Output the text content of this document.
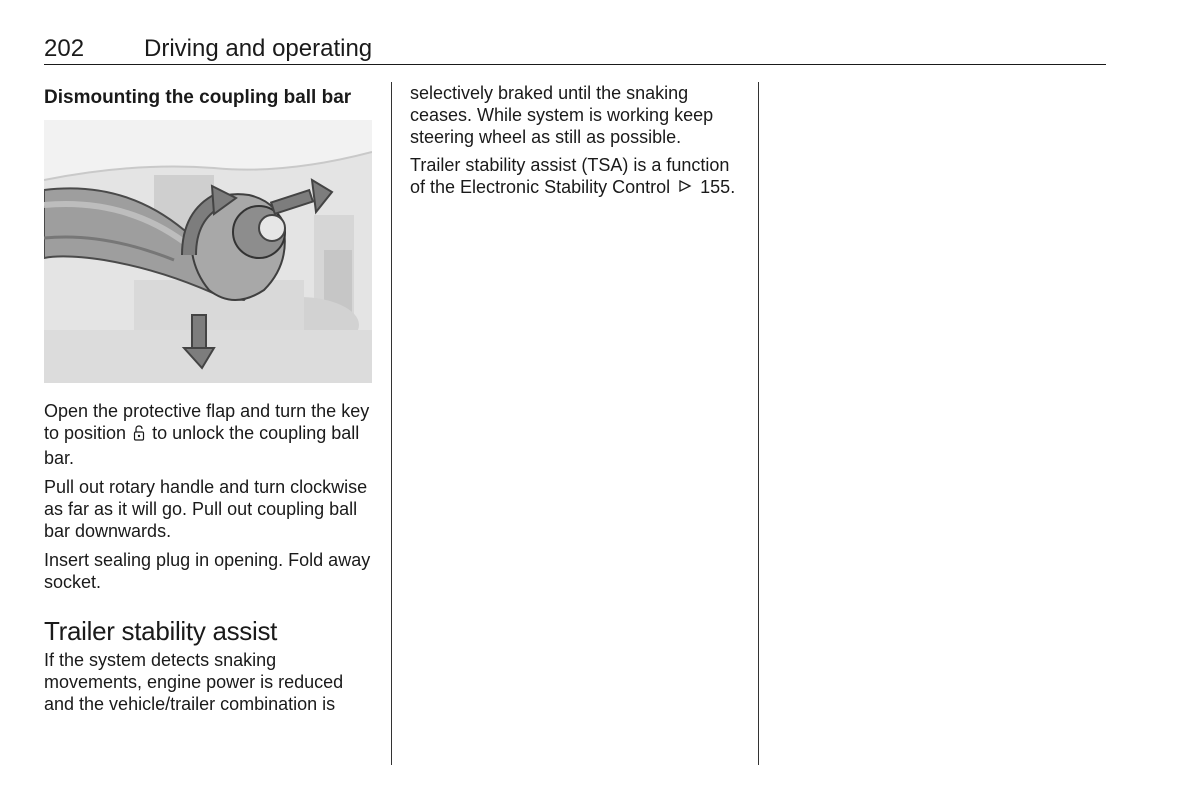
202 Driving and operating
Dismounting the coupling ball bar

Open the protective flap and turn the key to position to unlock the coupling ball bar.

Pull out rotary handle and turn clockwise as far as it will go. Pull out coupling ball bar downwards.

Insert sealing plug in opening. Fold away socket.

Trailer stability assist

If the system detects snaking movements, engine power is reduced and the vehicle/trailer combination is

selectively braked until the snaking ceases. While system is working keep steering wheel as still as possible.

Trailer stability assist (TSA) is a function of the Electronic Stability Control 155.
